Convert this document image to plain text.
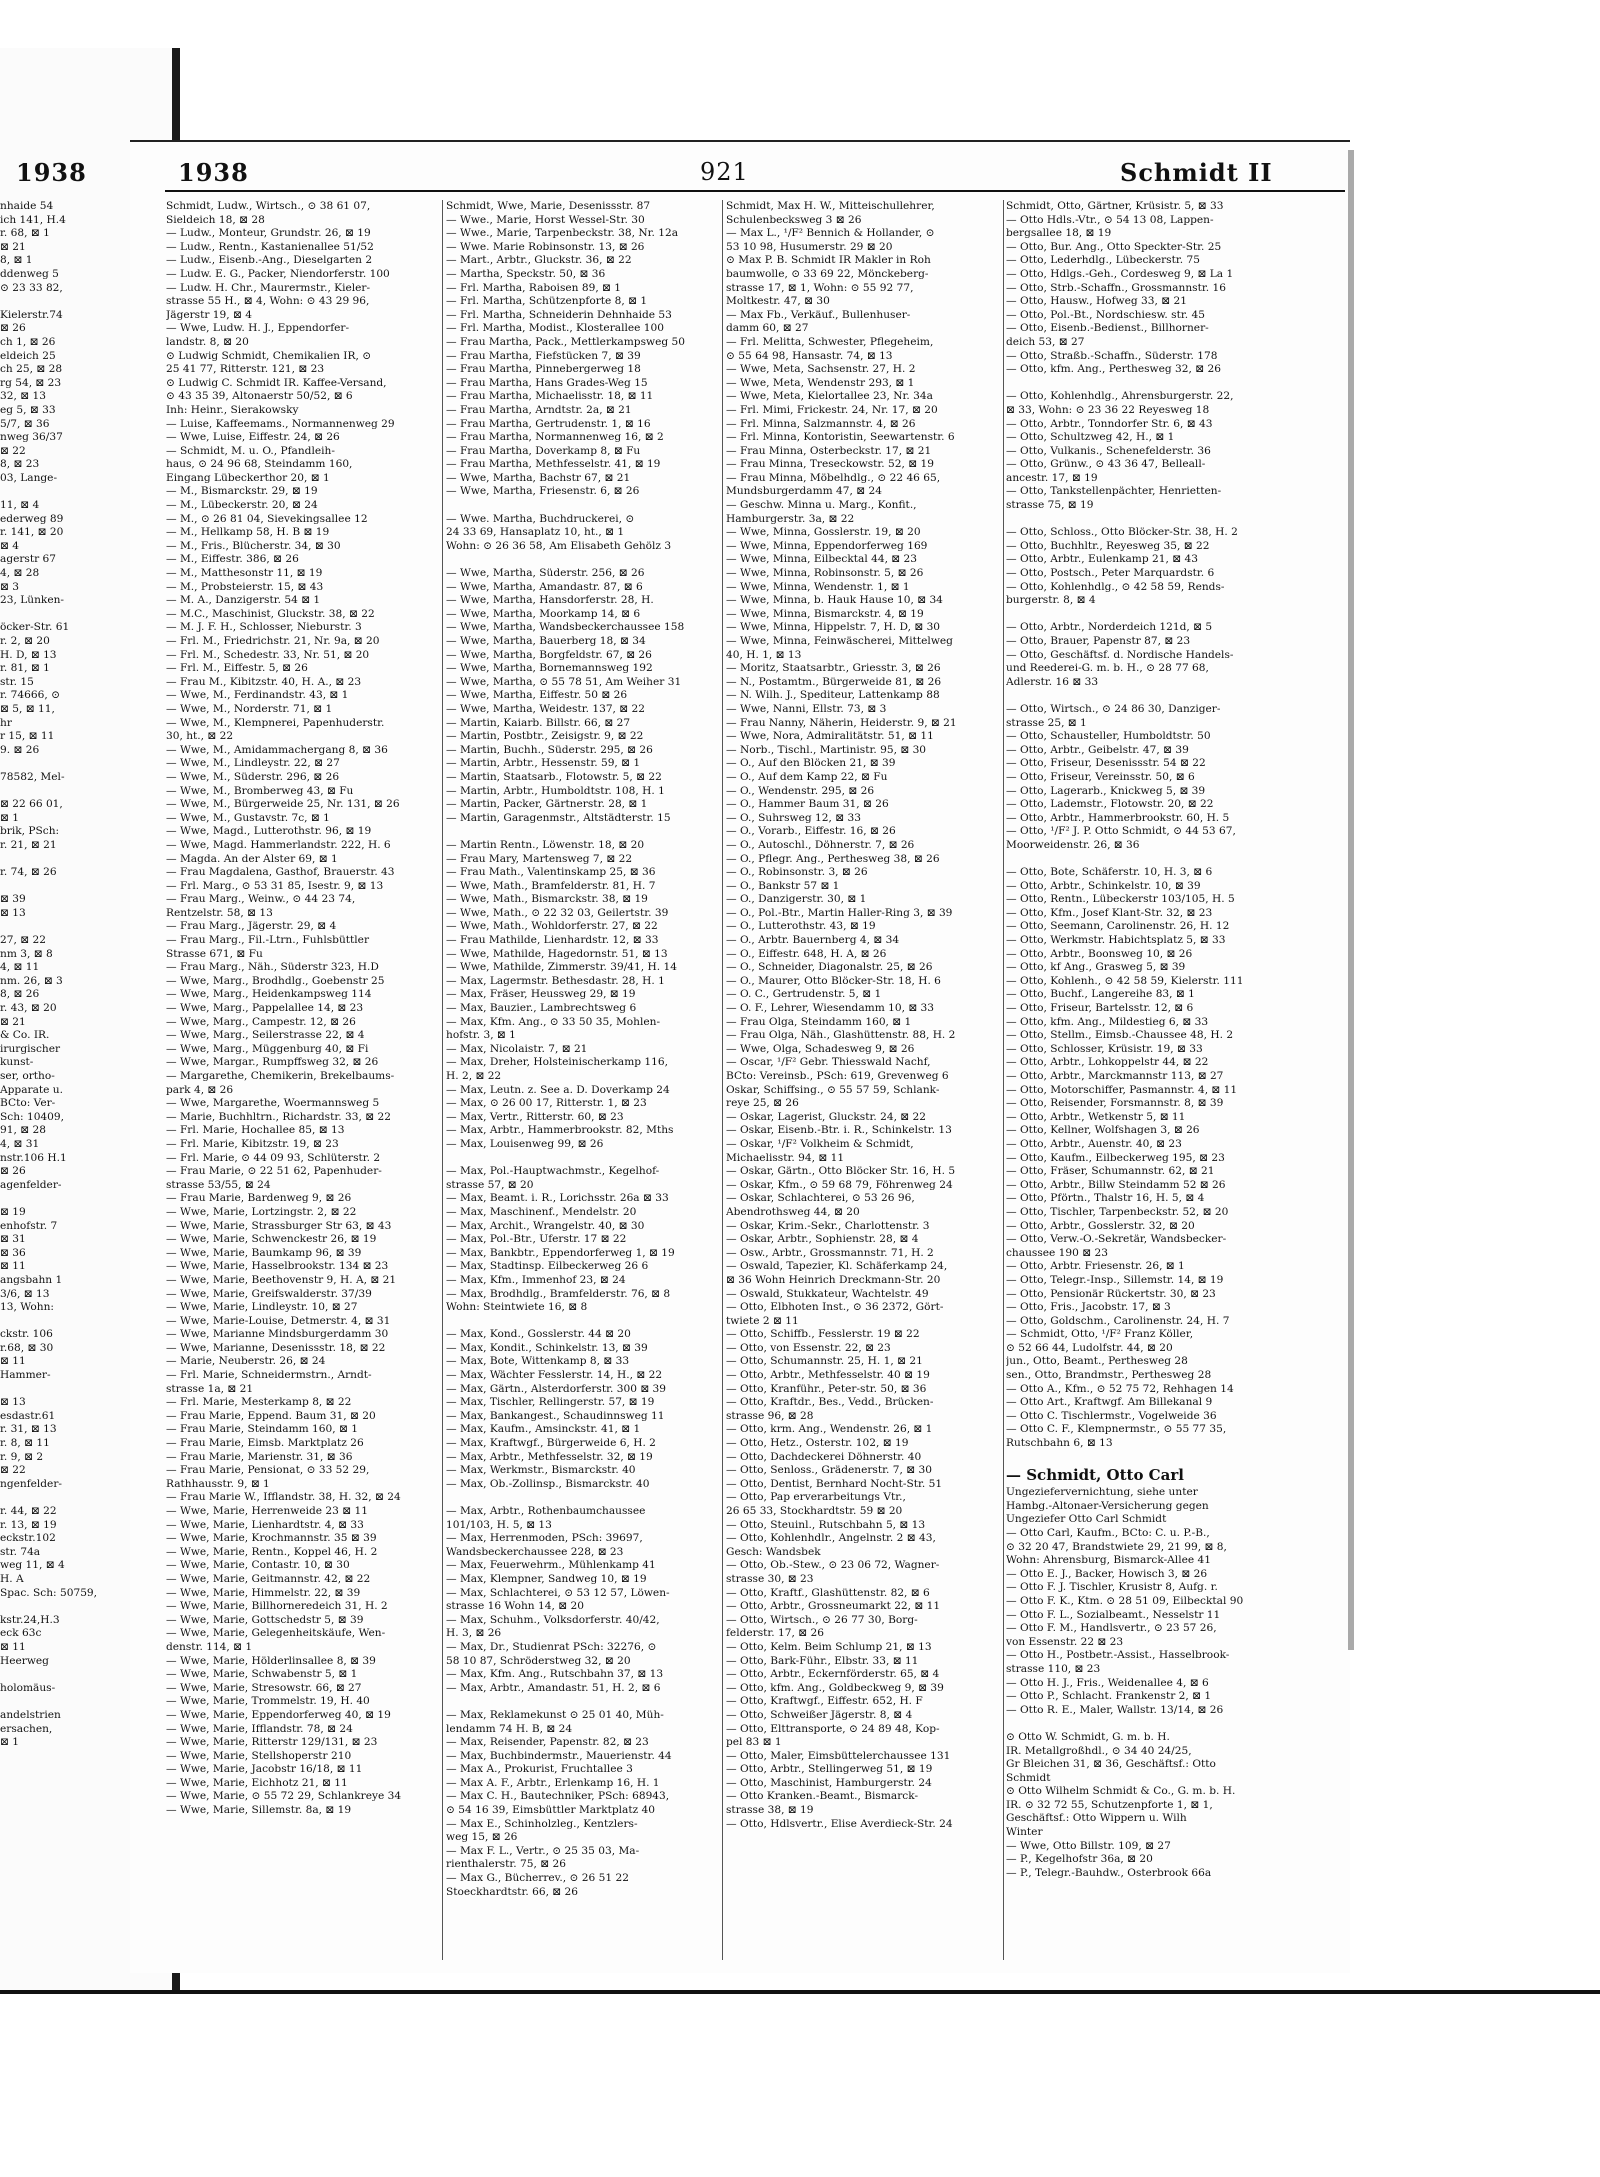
1938	1938	921	Schmidt II
nhaide 54
ich 141, H.4
r. 68, ⊠ 1
⊠ 21
8, ⊠ 1
ddenweg 5
⊙ 23 33 82,

Kielerstr.74
⊠ 26
ch 1, ⊠ 26
eldeich 25
ch 25, ⊠ 28
rg 54, ⊠ 23
32, ⊠ 13
eg 5, ⊠ 33
5/7, ⊠ 36
nweg 36/37
⊠ 22
8, ⊠ 23
03, Lange-

11, ⊠ 4
ederweg 89
r. 141, ⊠ 20
⊠ 4
agerstr 67
4, ⊠ 28
⊠ 3
23, Lünken-

öcker-Str. 61
r. 2, ⊠ 20
H. D, ⊠ 13
r. 81, ⊠ 1
str. 15
r. 74666, ⊙
⊠ 5, ⊠ 11,
hr
r 15, ⊠ 11
9. ⊠ 26

78582, Mel-

⊠ 22 66 01,
⊠ 1
brik, PSch:
r. 21, ⊠ 21

r. 74, ⊠ 26

⊠ 39
⊠ 13

27, ⊠ 22
nm 3, ⊠ 8
4, ⊠ 11
nm. 26, ⊠ 3
8, ⊠ 26
r. 43, ⊠ 20
⊠ 21
& Co. IR.
irurgischer
kunst-
ser, ortho-
Apparate u.
BCto: Ver-
Sch: 10409,
91, ⊠ 28
4, ⊠ 31
nstr.106 H.1
⊠ 26
agenfelder-

⊠ 19
enhofstr. 7
⊠ 31
⊠ 36
⊠ 11
angsbahn 1
3/6, ⊠ 13
13, Wohn:

ckstr. 106
r.68, ⊠ 30
⊠ 11
Hammer-

⊠ 13
esdastr.61
r. 31, ⊠ 13
r. 8, ⊠ 11
r. 9, ⊠ 2
⊠ 22
ngenfelder-

r. 44, ⊠ 22
r. 13, ⊠ 19
eckstr.102
str. 74a
weg 11, ⊠ 4
H. A
Spac. Sch: 50759,

kstr.24,H.3
eck 63c
⊠ 11
Heerweg

holomäus-

andelstrien
ersachen,
⊠ 1
Schmidt, Ludw., Wirtsch., ⊙ 38 61 07,
Sieldeich 18, ⊠ 28
— Ludw., Monteur, Grundstr. 26, ⊠ 19
— Ludw., Rentn., Kastanienallee 51/52
— Ludw., Eisenb.-Ang., Dieselgarten 2
— Ludw. E. G., Packer, Niendorferstr. 100
— Ludw. H. Chr., Maurermstr., Kieler-
strasse 55 H., ⊠ 4, Wohn: ⊙ 43 29 96,
Jägerstr 19, ⊠ 4
— Wwe, Ludw. H. J., Eppendorfer-
landstr. 8, ⊠ 20
⊙ Ludwig Schmidt, Chemikalien IR, ⊙
25 41 77, Ritterstr. 121, ⊠ 23
⊙ Ludwig C. Schmidt IR. Kaffee-Versand,
⊙ 43 35 39, Altonaerstr 50/52, ⊠ 6
Inh: Heinr., Sierakowsky
— Luise, Kaffeemams., Normannenweg 29
— Wwe, Luise, Eiffestr. 24, ⊠ 26
— Schmidt, M. u. O., Pfandleih-
haus, ⊙ 24 96 68, Steindamm 160,
Eingang Lübeckerthor 20, ⊠ 1
— M., Bismarckstr. 29, ⊠ 19
— M., Lübeckerstr. 20, ⊠ 24
— M., ⊙ 26 81 04, Sievekingsallee 12
— M., Hellkamp 58, H. B ⊠ 19
— M., Fris., Blücherstr. 34, ⊠ 30
— M., Eiffestr. 386, ⊠ 26
— M., Matthesonstr 11, ⊠ 19
— M., Probsteierstr. 15, ⊠ 43
— M. A., Danzigerstr. 54 ⊠ 1
— M.C., Maschinist, Gluckstr. 38, ⊠ 22
— M. J. F. H., Schlosser, Nieburstr. 3
— Frl. M., Friedrichstr. 21, Nr. 9a, ⊠ 20
— Frl. M., Schedestr. 33, Nr. 51, ⊠ 20
— Frl. M., Eiffestr. 5, ⊠ 26
— Frau M., Kibitzstr. 40, H. A., ⊠ 23
— Wwe, M., Ferdinandstr. 43, ⊠ 1
— Wwe, M., Norderstr. 71, ⊠ 1
— Wwe, M., Klempnerei, Papenhuderstr.
30, ht., ⊠ 22
— Wwe, M., Amidammachergang 8, ⊠ 36
— Wwe, M., Lindleystr. 22, ⊠ 27
— Wwe, M., Süderstr. 296, ⊠ 26
— Wwe, M., Bromberweg 43, ⊠ Fu
— Wwe, M., Bürgerweide 25, Nr. 131, ⊠ 26
— Wwe, M., Gustavstr. 7c, ⊠ 1
— Wwe, Magd., Lutterothstr. 96, ⊠ 19
— Wwe, Magd. Hammerlandstr. 222, H. 6
— Magda. An der Alster 69, ⊠ 1
— Frau Magdalena, Gasthof, Brauerstr. 43
— Frl. Marg., ⊙ 53 31 85, Isestr. 9, ⊠ 13
— Frau Marg., Weinw., ⊙ 44 23 74,
Rentzelstr. 58, ⊠ 13
— Frau Marg., Jägerstr. 29, ⊠ 4
— Frau Marg., Fil.-Ltrn., Fuhlsbüttler
Strasse 671, ⊠ Fu
— Frau Marg., Näh., Süderstr 323, H.D
— Wwe, Marg., Brodhdlg., Goebenstr 25
— Wwe, Marg., Heidenkampsweg 114
— Wwe, Marg., Pappelallee 14, ⊠ 23
— Wwe, Marg., Campestr. 12, ⊠ 26
— Wwe, Marg., Seilerstrasse 22, ⊠ 4
— Wwe, Marg., Müggenburg 40, ⊠ Fi
— Wwe, Margar., Rumpffsweg 32, ⊠ 26
— Margarethe, Chemikerin, Brekelbaums-
park 4, ⊠ 26
— Wwe, Margarethe, Woermannsweg 5
— Marie, Buchhltrn., Richardstr. 33, ⊠ 22
— Frl. Marie, Hochallee 85, ⊠ 13
— Frl. Marie, Kibitzstr. 19, ⊠ 23
— Frl. Marie, ⊙ 44 09 93, Schlüterstr. 2
— Frau Marie, ⊙ 22 51 62, Papenhuder-
strasse 53/55, ⊠ 24
— Frau Marie, Bardenweg 9, ⊠ 26
— Wwe, Marie, Lortzingstr. 2, ⊠ 22
— Wwe, Marie, Strassburger Str 63, ⊠ 43
— Wwe, Marie, Schwenckestr 26, ⊠ 19
— Wwe, Marie, Baumkamp 96, ⊠ 39
— Wwe, Marie, Hasselbrookstr. 134 ⊠ 23
— Wwe, Marie, Beethovenstr 9, H. A, ⊠ 21
— Wwe, Marie, Greifswalderstr. 37/39
— Wwe, Marie, Lindleystr. 10, ⊠ 27
— Wwe, Marie-Louise, Detmerstr. 4, ⊠ 31
— Wwe, Marianne Mindsburgerdamm 30
— Wwe, Marianne, Desenissstr. 18, ⊠ 22
— Marie, Neuberstr. 26, ⊠ 24
— Frl. Marie, Schneidermstrn., Arndt-
strasse 1a, ⊠ 21
— Frl. Marie, Mesterkamp 8, ⊠ 22
— Frau Marie, Eppend. Baum 31, ⊠ 20
— Frau Marie, Steindamm 160, ⊠ 1
— Frau Marie, Eimsb. Marktplatz 26
— Frau Marie, Marienstr. 31, ⊠ 36
— Frau Marie, Pensionat, ⊙ 33 52 29,
Rathhausstr. 9, ⊠ 1
— Frau Marie W., Ifflandstr. 38, H. 32, ⊠ 24
— Wwe, Marie, Herrenweide 23 ⊠ 11
— Wwe, Marie, Lienhardtstr. 4, ⊠ 33
— Wwe, Marie, Krochmannstr. 35 ⊠ 39
— Wwe, Marie, Rentn., Koppel 46, H. 2
— Wwe, Marie, Contastr. 10, ⊠ 30
— Wwe, Marie, Geitmannstr. 42, ⊠ 22
— Wwe, Marie, Himmelstr. 22, ⊠ 39
— Wwe, Marie, Billhorneredeich 31, H. 2
— Wwe, Marie, Gottschedstr 5, ⊠ 39
— Wwe, Marie, Gelegenheitskäufe, Wen-
denstr. 114, ⊠ 1
— Wwe, Marie, Hölderlinsallee 8, ⊠ 39
— Wwe, Marie, Schwabenstr 5, ⊠ 1
— Wwe, Marie, Stresowstr. 66, ⊠ 27
— Wwe, Marie, Trommelstr. 19, H. 40
— Wwe, Marie, Eppendorferweg 40, ⊠ 19
— Wwe, Marie, Ifflandstr. 78, ⊠ 24
— Wwe, Marie, Ritterstr 129/131, ⊠ 23
— Wwe, Marie, Stellshoperstr 210
— Wwe, Marie, Jacobstr 16/18, ⊠ 11
— Wwe, Marie, Eichhotz 21, ⊠ 11
— Wwe, Marie, ⊙ 55 72 29, Schlankreye 34
— Wwe, Marie, Sillemstr. 8a, ⊠ 19
Schmidt, Wwe, Marie, Desenissstr. 87
— Wwe., Marie, Horst Wessel-Str. 30
— Wwe., Marie, Tarpenbeckstr. 38, Nr. 12a
— Wwe. Marie Robinsonstr. 13, ⊠ 26
— Mart., Arbtr., Gluckstr. 36, ⊠ 22
— Martha, Speckstr. 50, ⊠ 36
— Frl. Martha, Raboisen 89, ⊠ 1
— Frl. Martha, Schützenpforte 8, ⊠ 1
— Frl. Martha, Schneiderin Dehnhaide 53
— Frl. Martha, Modist., Klosterallee 100
— Frau Martha, Pack., Mettlerkampsweg 50
— Frau Martha, Fiefstücken 7, ⊠ 39
— Frau Martha, Pinnebergerweg 18
— Frau Martha, Hans Grades-Weg 15
— Frau Martha, Michaelisstr. 18, ⊠ 11
— Frau Martha, Arndtstr. 2a, ⊠ 21
— Frau Martha, Gertrudenstr. 1, ⊠ 16
— Frau Martha, Normannenweg 16, ⊠ 2
— Frau Martha, Doverkamp 8, ⊠ Fu
— Frau Martha, Methfesselstr. 41, ⊠ 19
— Wwe, Martha, Bachstr 67, ⊠ 21
— Wwe, Martha, Friesenstr. 6, ⊠ 26

— Wwe. Martha, Buchdruckerei, ⊙
24 33 69, Hansaplatz 10, ht., ⊠ 1
Wohn: ⊙ 26 36 58, Am Elisabeth Gehölz 3

— Wwe, Martha, Süderstr. 256, ⊠ 26
— Wwe, Martha, Amandastr. 87, ⊠ 6
— Wwe, Martha, Hansdorferstr. 28, H.
— Wwe, Martha, Moorkamp 14, ⊠ 6
— Wwe, Martha, Wandsbeckerchaussee 158
— Wwe, Martha, Bauerberg 18, ⊠ 34
— Wwe, Martha, Borgfeldstr. 67, ⊠ 26
— Wwe, Martha, Bornemannsweg 192
— Wwe, Martha, ⊙ 55 78 51, Am Weiher 31
— Wwe, Martha, Eiffestr. 50 ⊠ 26
— Wwe, Martha, Weidestr. 137, ⊠ 22
— Martin, Kaiarb. Billstr. 66, ⊠ 27
— Martin, Postbtr., Zeisigstr. 9, ⊠ 22
— Martin, Buchh., Süderstr. 295, ⊠ 26
— Martin, Arbtr., Hessenstr. 59, ⊠ 1
— Martin, Staatsarb., Flotowstr. 5, ⊠ 22
— Martin, Arbtr., Humboldtstr. 108, H. 1
— Martin, Packer, Gärtnerstr. 28, ⊠ 1
— Martin, Garagenmstr., Altstädterstr. 15

— Martin Rentn., Löwenstr. 18, ⊠ 20
— Frau Mary, Martensweg 7, ⊠ 22
— Frau Math., Valentinskamp 25, ⊠ 36
— Wwe, Math., Bramfelderstr. 81, H. 7
— Wwe, Math., Bismarckstr. 38, ⊠ 19
— Wwe, Math., ⊙ 22 32 03, Geilertstr. 39
— Wwe, Math., Wohldorferstr. 27, ⊠ 22
— Frau Mathilde, Lienhardstr. 12, ⊠ 33
— Wwe, Mathilde, Hagedornstr. 51, ⊠ 13
— Wwe, Mathilde, Zimmerstr. 39/41, H. 14
— Max, Lagermstr. Bethesdastr. 28, H. 1
— Max, Fräser, Heussweg 29, ⊠ 19
— Max, Bauzier., Lambrechtsweg 6
— Max, Kfm. Ang., ⊙ 33 50 35, Mohlen-
hofstr. 3, ⊠ 1
— Max, Nicolaistr. 7, ⊠ 21
— Max, Dreher, Holsteinischerkamp 116,
H. 2, ⊠ 22
— Max, Leutn. z. See a. D. Doverkamp 24
— Max, ⊙ 26 00 17, Ritterstr. 1, ⊠ 23
— Max, Vertr., Ritterstr. 60, ⊠ 23
— Max, Arbtr., Hammerbrookstr. 82, Mths
— Max, Louisenweg 99, ⊠ 26

— Max, Pol.-Hauptwachmstr., Kegelhof-
strasse 57, ⊠ 20
— Max, Beamt. i. R., Lorichsstr. 26a ⊠ 33
— Max, Maschinenf., Mendelstr. 20
— Max, Archit., Wrangelstr. 40, ⊠ 30
— Max, Pol.-Btr., Uferstr. 17 ⊠ 22
— Max, Bankbtr., Eppendorferweg 1, ⊠ 19
— Max, Stadtinsp. Eilbeckerweg 26 6
— Max, Kfm., Immenhof 23, ⊠ 24
— Max, Brodhdlg., Bramfelderstr. 76, ⊠ 8
Wohn: Steintwiete 16, ⊠ 8

— Max, Kond., Gosslerstr. 44 ⊠ 20
— Max, Kondit., Schinkelstr. 13, ⊠ 39
— Max, Bote, Wittenkamp 8, ⊠ 33
— Max, Wächter Fesslerstr. 14, H., ⊠ 22
— Max, Gärtn., Alsterdorferstr. 300 ⊠ 39
— Max, Tischler, Rellingerstr. 57, ⊠ 19
— Max, Bankangest., Schaudinnsweg 11
— Max, Kaufm., Amsinckstr. 41, ⊠ 1
— Max, Kraftwgf., Bürgerweide 6, H. 2
— Max, Arbtr., Methfesselstr. 32, ⊠ 19
— Max, Werkmstr., Bismarckstr. 40
— Max, Ob.-Zollinsp., Bismarckstr. 40

— Max, Arbtr., Rothenbaumchaussee
101/103, H. 5, ⊠ 13
— Max, Herrenmoden, PSch: 39697,
Wandsbeckerchaussee 228, ⊠ 23
— Max, Feuerwehrm., Mühlenkamp 41
— Max, Klempner, Sandweg 10, ⊠ 19
— Max, Schlachterei, ⊙ 53 12 57, Löwen-
strasse 16 Wohn 14, ⊠ 20
— Max, Schuhm., Volksdorferstr. 40/42,
H. 3, ⊠ 26
— Max, Dr., Studienrat PSch: 32276, ⊙
58 10 87, Schröderstweg 32, ⊠ 20
— Max, Kfm. Ang., Rutschbahn 37, ⊠ 13
— Max, Arbtr., Amandastr. 51, H. 2, ⊠ 6

— Max, Reklamekunst ⊙ 25 01 40, Müh-
lendamm 74 H. B, ⊠ 24
— Max, Reisender, Papenstr. 82, ⊠ 23
— Max, Buchbindermstr., Mauerienstr. 44
— Max A., Prokurist, Fruchtallee 3
— Max A. F., Arbtr., Erlenkamp 16, H. 1
— Max C. H., Bautechniker, PSch: 68943,
⊙ 54 16 39, Eimsbüttler Marktplatz 40
— Max E., Schinholzleg., Kentzlers-
weg 15, ⊠ 26
— Max F. L., Vertr., ⊙ 25 35 03, Ma-
rienthalerstr. 75, ⊠ 26
— Max G., Bücherrev., ⊙ 26 51 22
Stoeckhardtstr. 66, ⊠ 26
Schmidt, Max H. W., Mitteischullehrer,
Schulenbecksweg 3 ⊠ 26
— Max L., ¹/F² Bennich & Hollander, ⊙
53 10 98, Husumerstr. 29 ⊠ 20
⊙ Max P. B. Schmidt IR Makler in Roh
baumwolle, ⊙ 33 69 22, Mönckeberg-
strasse 17, ⊠ 1, Wohn: ⊙ 55 92 77,
Moltkestr. 47, ⊠ 30
— Max Fb., Verkäuf., Bullenhuser-
damm 60, ⊠ 27
— Frl. Melitta, Schwester, Pflegeheim,
⊙ 55 64 98, Hansastr. 74, ⊠ 13
— Wwe, Meta, Sachsenstr. 27, H. 2
— Wwe, Meta, Wendenstr 293, ⊠ 1
— Wwe, Meta, Kielortallee 23, Nr. 34a
— Frl. Mimi, Frickestr. 24, Nr. 17, ⊠ 20
— Frl. Minna, Salzmannstr. 4, ⊠ 26
— Frl. Minna, Kontoristin, Seewartenstr. 6
— Frau Minna, Osterbeckstr. 17, ⊠ 21
— Frau Minna, Treseckowstr. 52, ⊠ 19
— Frau Minna, Möbelhdlg., ⊙ 22 46 65,
Mundsburgerdamm 47, ⊠ 24
— Geschw. Minna u. Marg., Konfit.,
Hamburgerstr. 3a, ⊠ 22
— Wwe, Minna, Gosslerstr. 19, ⊠ 20
— Wwe, Minna, Eppendorferweg 169
— Wwe, Minna, Eilbecktal 44, ⊠ 23
— Wwe, Minna, Robinsonstr. 5, ⊠ 26
— Wwe, Minna, Wendenstr. 1, ⊠ 1
— Wwe, Minna, b. Hauk Hause 10, ⊠ 34
— Wwe, Minna, Bismarckstr. 4, ⊠ 19
— Wwe, Minna, Hippelstr. 7, H. D, ⊠ 30
— Wwe, Minna, Feinwäscherei, Mittelweg
40, H. 1, ⊠ 13
— Moritz, Staatsarbtr., Griesstr. 3, ⊠ 26
— N., Postamtm., Bürgerweide 81, ⊠ 26
— N. Wilh. J., Spediteur, Lattenkamp 88
— Wwe, Nanni, Ellstr. 73, ⊠ 3
— Frau Nanny, Näherin, Heiderstr. 9, ⊠ 21
— Wwe, Nora, Admiralitätstr. 51, ⊠ 11
— Norb., Tischl., Martinistr. 95, ⊠ 30
— O., Auf den Blöcken 21, ⊠ 39
— O., Auf dem Kamp 22, ⊠ Fu
— O., Wendenstr. 295, ⊠ 26
— O., Hammer Baum 31, ⊠ 26
— O., Suhrsweg 12, ⊠ 33
— O., Vorarb., Eiffestr. 16, ⊠ 26
— O., Autoschl., Döhnerstr. 7, ⊠ 26
— O., Pflegr. Ang., Perthesweg 38, ⊠ 26
— O., Robinsonstr. 3, ⊠ 26
— O., Bankstr 57 ⊠ 1
— O., Danzigerstr. 30, ⊠ 1
— O., Pol.-Btr., Martin Haller-Ring 3, ⊠ 39
— O., Lutterothstr. 43, ⊠ 19
— O., Arbtr. Bauernberg 4, ⊠ 34
— O., Eiffestr. 648, H. A, ⊠ 26
— O., Schneider, Diagonalstr. 25, ⊠ 26
— O., Maurer, Otto Blöcker-Str. 18, H. 6
— O. C., Gertrudenstr. 5, ⊠ 1
— O. F., Lehrer, Wiesendamm 10, ⊠ 33
— Frau Olga, Steindamm 160, ⊠ 1
— Frau Olga, Näh., Glashüttenstr. 88, H. 2
— Wwe, Olga, Schadesweg 9, ⊠ 26
— Oscar, ¹/F² Gebr. Thiesswald Nachf,
BCto: Vereinsb., PSch: 619, Grevenweg 6
Oskar, Schiffsing., ⊙ 55 57 59, Schlank-
reye 25, ⊠ 26
— Oskar, Lagerist, Gluckstr. 24, ⊠ 22
— Oskar, Eisenb.-Btr. i. R., Schinkelstr. 13
— Oskar, ¹/F² Volkheim & Schmidt,
Michaelisstr. 94, ⊠ 11
— Oskar, Gärtn., Otto Blöcker Str. 16, H. 5
— Oskar, Kfm., ⊙ 59 68 79, Föhrenweg 24
— Oskar, Schlachterei, ⊙ 53 26 96,
Abendrothsweg 44, ⊠ 20
— Oskar, Krim.-Sekr., Charlottenstr. 3
— Oskar, Arbtr., Sophienstr. 28, ⊠ 4
— Osw., Arbtr., Grossmannstr. 71, H. 2
— Oswald, Tapezier, Kl. Schäferkamp 24,
⊠ 36 Wohn Heinrich Dreckmann-Str. 20
— Oswald, Stukkateur, Wachtelstr. 49
— Otto, Elbhoten Inst., ⊙ 36 2372, Gört-
twiete 2 ⊠ 11
— Otto, Schiffb., Fesslerstr. 19 ⊠ 22
— Otto, von Essenstr. 22, ⊠ 23
— Otto, Schumannstr. 25, H. 1, ⊠ 21
— Otto, Arbtr., Methfesselstr. 40 ⊠ 19
— Otto, Kranführ., Peter-str. 50, ⊠ 36
— Otto, Kraftdr., Bes., Vedd., Brücken-
strasse 96, ⊠ 28
— Otto, krm. Ang., Wendenstr. 26, ⊠ 1
— Otto, Hetz., Osterstr. 102, ⊠ 19
— Otto, Dachdeckerei Döhnerstr. 40
— Otto, Senloss., Grädenerstr. 7, ⊠ 30
— Otto, Dentist, Bernhard Nocht-Str. 51
— Otto, Pap erverarbeitungs Vtr.,
26 65 33, Stockhardtstr. 59 ⊠ 20
— Otto, Steuinl., Rutschbahn 5, ⊠ 13
— Otto, Kohlenhdlr., Angelnstr. 2 ⊠ 43,
Gesch: Wandsbek
— Otto, Ob.-Stew., ⊙ 23 06 72, Wagner-
strasse 30, ⊠ 23
— Otto, Kraftf., Glashüttenstr. 82, ⊠ 6
— Otto, Arbtr., Grossneumarkt 22, ⊠ 11
— Otto, Wirtsch., ⊙ 26 77 30, Borg-
felderstr. 17, ⊠ 26
— Otto, Kelm. Beim Schlump 21, ⊠ 13
— Otto, Bark-Führ., Elbstr. 33, ⊠ 11
— Otto, Arbtr., Eckernförderstr. 65, ⊠ 4
— Otto, kfm. Ang., Goldbeckweg 9, ⊠ 39
— Otto, Kraftwgf., Eiffestr. 652, H. F
— Otto, Schweißer Jägerstr. 8, ⊠ 4
— Otto, Elttransporte, ⊙ 24 89 48, Kop-
pel 83 ⊠ 1
— Otto, Maler, Eimsbüttelerchaussee 131
— Otto, Arbtr., Stellingerweg 51, ⊠ 19
— Otto, Maschinist, Hamburgerstr. 24
— Otto Kranken.-Beamt., Bismarck-
strasse 38, ⊠ 19
— Otto, Hdlsvertr., Elise Averdieck-Str. 24
Schmidt, Otto, Gärtner, Krüsistr. 5, ⊠ 33
— Otto Hdls.-Vtr., ⊙ 54 13 08, Lappen-
bergsallee 18, ⊠ 19
— Otto, Bur. Ang., Otto Speckter-Str. 25
— Otto, Lederhdlg., Lübeckerstr. 75
— Otto, Hdlgs.-Geh., Cordesweg 9, ⊠ La 1
— Otto, Strb.-Schaffn., Grossmannstr. 16
— Otto, Hausw., Hofweg 33, ⊠ 21
— Otto, Pol.-Bt., Nordschiesw. str. 45
— Otto, Eisenb.-Bedienst., Billhorner-
deich 53, ⊠ 27
— Otto, Straßb.-Schaffn., Süderstr. 178
— Otto, kfm. Ang., Perthesweg 32, ⊠ 26

— Otto, Kohlenhdlg., Ahrensburgerstr. 22,
⊠ 33, Wohn: ⊙ 23 36 22 Reyesweg 18
— Otto, Arbtr., Tonndorfer Str. 6, ⊠ 43
— Otto, Schultzweg 42, H., ⊠ 1
— Otto, Vulkanis., Schenefelderstr. 36
— Otto, Grünw., ⊙ 43 36 47, Belleall-
ancestr. 17, ⊠ 19
— Otto, Tankstellenpächter, Henrietten-
strasse 75, ⊠ 19

— Otto, Schloss., Otto Blöcker-Str. 38, H. 2
— Otto, Buchhltr., Reyesweg 35, ⊠ 22
— Otto, Arbtr., Eulenkamp 21, ⊠ 43
— Otto, Postsch., Peter Marquardstr. 6
— Otto, Kohlenhdlg., ⊙ 42 58 59, Rends-
burgerstr. 8, ⊠ 4

— Otto, Arbtr., Norderdeich 121d, ⊠ 5
— Otto, Brauer, Papenstr 87, ⊠ 23
— Otto, Geschäftsf. d. Nordische Handels-
und Reederei-G. m. b. H., ⊙ 28 77 68,
Adlerstr. 16 ⊠ 33

— Otto, Wirtsch., ⊙ 24 86 30, Danziger-
strasse 25, ⊠ 1
— Otto, Schausteller, Humboldtstr. 50
— Otto, Arbtr., Geibelstr. 47, ⊠ 39
— Otto, Friseur, Desenissstr. 54 ⊠ 22
— Otto, Friseur, Vereinsstr. 50, ⊠ 6
— Otto, Lagerarb., Knickweg 5, ⊠ 39
— Otto, Lademstr., Flotowstr. 20, ⊠ 22
— Otto, Arbtr., Hammerbrookstr. 60, H. 5
— Otto, ¹/F² J. P. Otto Schmidt, ⊙ 44 53 67,
Moorweidenstr. 26, ⊠ 36

— Otto, Bote, Schäferstr. 10, H. 3, ⊠ 6
— Otto, Arbtr., Schinkelstr. 10, ⊠ 39
— Otto, Rentn., Lübeckerstr 103/105, H. 5
— Otto, Kfm., Josef Klant-Str. 32, ⊠ 23
— Otto, Seemann, Carolinenstr. 26, H. 12
— Otto, Werkmstr. Habichtsplatz 5, ⊠ 33
— Otto, Arbtr., Boonsweg 10, ⊠ 26
— Otto, kf Ang., Grasweg 5, ⊠ 39
— Otto, Kohlenh., ⊙ 42 58 59, Kielerstr. 111
— Otto, Buchf., Langereihe 83, ⊠ 1
— Otto, Friseur, Bartelsstr. 12, ⊠ 6
— Otto, kfm. Ang., Mildestieg 6, ⊠ 33
— Otto, Stellm., Eimsb.-Chaussee 48, H. 2
— Otto, Schlosser, Krüsistr. 19, ⊠ 33
— Otto, Arbtr., Lohkoppelstr 44, ⊠ 22
— Otto, Arbtr., Marckmannstr 113, ⊠ 27
— Otto, Motorschiffer, Pasmannstr. 4, ⊠ 11
— Otto, Reisender, Forsmannstr. 8, ⊠ 39
— Otto, Arbtr., Wetkenstr 5, ⊠ 11
— Otto, Kellner, Wolfshagen 3, ⊠ 26
— Otto, Arbtr., Auenstr. 40, ⊠ 23
— Otto, Kaufm., Eilbeckerweg 195, ⊠ 23
— Otto, Fräser, Schumannstr. 62, ⊠ 21
— Otto, Arbtr., Billw Steindamm 52 ⊠ 26
— Otto, Pförtn., Thalstr 16, H. 5, ⊠ 4
— Otto, Tischler, Tarpenbeckstr. 52, ⊠ 20
— Otto, Arbtr., Gosslerstr. 32, ⊠ 20
— Otto, Verw.-O.-Sekretär, Wandsbecker-
chaussee 190 ⊠ 23
— Otto, Arbtr. Friesenstr. 26, ⊠ 1
— Otto, Telegr.-Insp., Sillemstr. 14, ⊠ 19
— Otto, Pensionär Rückertstr. 30, ⊠ 23
— Otto, Fris., Jacobstr. 17, ⊠ 3
— Otto, Goldschm., Carolinenstr. 24, H. 7
— Schmidt, Otto, ¹/F² Franz Köller,
⊙ 52 66 44, Ludolfstr. 44, ⊠ 20
jun., Otto, Beamt., Perthesweg 28
sen., Otto, Brandmstr., Perthesweg 28
— Otto A., Kfm., ⊙ 52 75 72, Rehhagen 14
— Otto Art., Kraftwgf. Am Billekanal 9
— Otto C. Tischlermstr., Vogelweide 36
— Otto C. F., Klempnermstr., ⊙ 55 77 35,
Rutschbahn 6, ⊠ 13

— Schmidt, Otto Carl
Ungeziefervernichtung, siehe unter
Hambg.-Altonaer-Versicherung gegen
Ungeziefer Otto Carl Schmidt
— Otto Carl, Kaufm., BCto: C. u. P.-B.,
⊙ 32 20 47, Brandstwiete 29, 21 99, ⊠ 8,
Wohn: Ahrensburg, Bismarck-Allee 41
— Otto E. J., Backer, Howisch 3, ⊠ 26
— Otto F. J. Tischler, Krusistr 8, Aufg. r.
— Otto F. K., Ktm. ⊙ 28 51 09, Eilbecktal 90
— Otto F. L., Sozialbeamt., Nesselstr 11
— Otto F. M., Handlsvertr., ⊙ 23 57 26,
von Essenstr. 22 ⊠ 23
— Otto H., Postbetr.-Assist., Hasselbrook-
strasse 110, ⊠ 23
— Otto H. J., Fris., Weidenallee 4, ⊠ 6
— Otto P., Schlacht. Frankenstr 2, ⊠ 1
— Otto R. E., Maler, Wallstr. 13/14, ⊠ 26

⊙ Otto W. Schmidt, G. m. b. H.
IR. Metallgroßhdl., ⊙ 34 40 24/25,
Gr Bleichen 31, ⊠ 36, Geschäftsf.: Otto
Schmidt
⊙ Otto Wilhelm Schmidt & Co., G. m. b. H.
IR. ⊙ 32 72 55, Schutzenpforte 1, ⊠ 1,
Geschäftsf.: Otto Wippern u. Wilh
Winter
— Wwe, Otto Billstr. 109, ⊠ 27
— P., Kegelhofstr 36a, ⊠ 20
— P., Telegr.-Bauhdw., Osterbrook 66a
